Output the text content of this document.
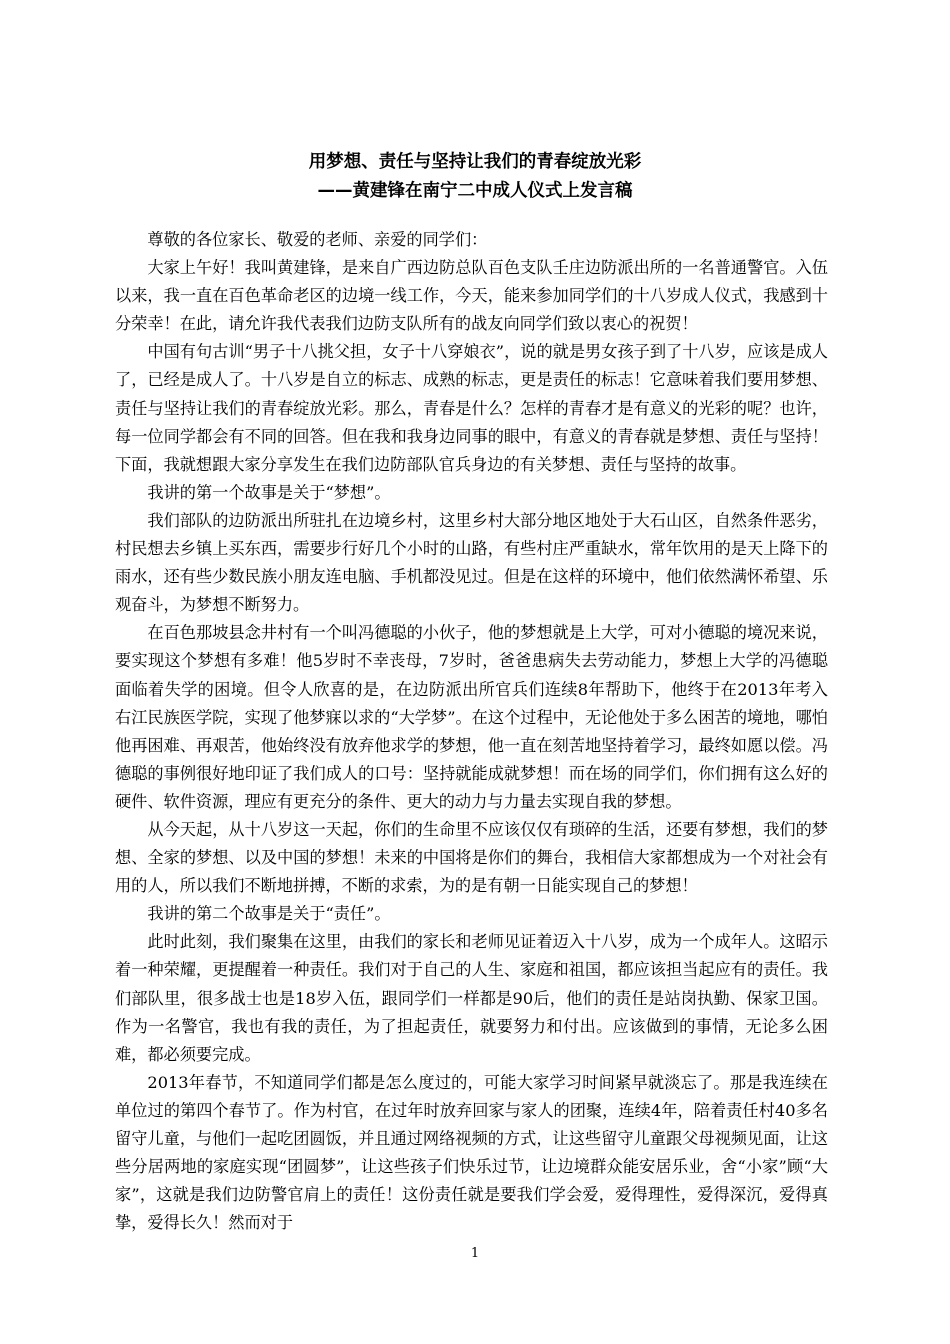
用梦想、责任与坚持让我们的青春绽放光彩
——黄建锋在南宁二中成人仪式上发言稿

尊敬的各位家长、敬爱的老师、亲爱的同学们：

大家上午好！我叫黄建锋，是来自广西边防总队百色支队壬庄边防派出所的一名普通警官。入伍以来，我一直在百色革命老区的边境一线工作，今天，能来参加同学们的十八岁成人仪式，我感到十分荣幸！在此，请允许我代表我们边防支队所有的战友向同学们致以衷心的祝贺！

中国有句古训“男子十八挑父担，女子十八穿娘衣”，说的就是男女孩子到了十八岁，应该是成人了，已经是成人了。十八岁是自立的标志、成熟的标志，更是责任的标志！它意味着我们要用梦想、责任与坚持让我们的青春绽放光彩。那么，青春是什么？怎样的青春才是有意义的光彩的呢？也许，每一位同学都会有不同的回答。但在我和我身边同事的眼中，有意义的青春就是梦想、责任与坚持！下面，我就想跟大家分享发生在我们边防部队官兵身边的有关梦想、责任与坚持的故事。

我讲的第一个故事是关于“梦想”。

我们部队的边防派出所驻扎在边境乡村，这里乡村大部分地区地处于大石山区，自然条件恶劣，村民想去乡镇上买东西，需要步行好几个小时的山路，有些村庄严重缺水，常年饮用的是天上降下的雨水，还有些少数民族小朋友连电脑、手机都没见过。但是在这样的环境中，他们依然满怀希望、乐观奋斗，为梦想不断努力。

在百色那坡县念井村有一个叫冯德聪的小伙子，他的梦想就是上大学，可对小德聪的境况来说，要实现这个梦想有多难！他5岁时不幸丧母，7岁时，爸爸患病失去劳动能力，梦想上大学的冯德聪面临着失学的困境。但令人欣喜的是，在边防派出所官兵们连续8年帮助下，他终于在2013年考入右江民族医学院，实现了他梦寐以求的“大学梦”。在这个过程中，无论他处于多么困苦的境地，哪怕他再困难、再艰苦，他始终没有放弃他求学的梦想，他一直在刻苦地坚持着学习，最终如愿以偿。冯德聪的事例很好地印证了我们成人的口号：坚持就能成就梦想！而在场的同学们，你们拥有这么好的硬件、软件资源，理应有更充分的条件、更大的动力与力量去实现自我的梦想。

从今天起，从十八岁这一天起，你们的生命里不应该仅仅有琐碎的生活，还要有梦想，我们的梦想、全家的梦想、以及中国的梦想！未来的中国将是你们的舞台，我相信大家都想成为一个对社会有用的人，所以我们不断地拼搏，不断的求索，为的是有朝一日能实现自己的梦想！

我讲的第二个故事是关于“责任”。

此时此刻，我们聚集在这里，由我们的家长和老师见证着迈入十八岁，成为一个成年人。这昭示着一种荣耀，更提醒着一种责任。我们对于自己的人生、家庭和祖国，都应该担当起应有的责任。我们部队里，很多战士也是18岁入伍，跟同学们一样都是90后，他们的责任是站岗执勤、保家卫国。作为一名警官，我也有我的责任，为了担起责任，就要努力和付出。应该做到的事情，无论多么困难，都必须要完成。

2013年春节，不知道同学们都是怎么度过的，可能大家学习时间紧早就淡忘了。那是我连续在单位过的第四个春节了。作为村官，在过年时放弃回家与家人的团聚，连续4年，陪着责任村40多名留守儿童，与他们一起吃团圆饭，并且通过网络视频的方式，让这些留守儿童跟父母视频见面，让这些分居两地的家庭实现“团圆梦”，让这些孩子们快乐过节，让边境群众能安居乐业，舍“小家”顾“大家”，这就是我们边防警官肩上的责任！这份责任就是要我们学会爱，爱得理性，爱得深沉，爱得真挚，爱得长久！然而对于

1
